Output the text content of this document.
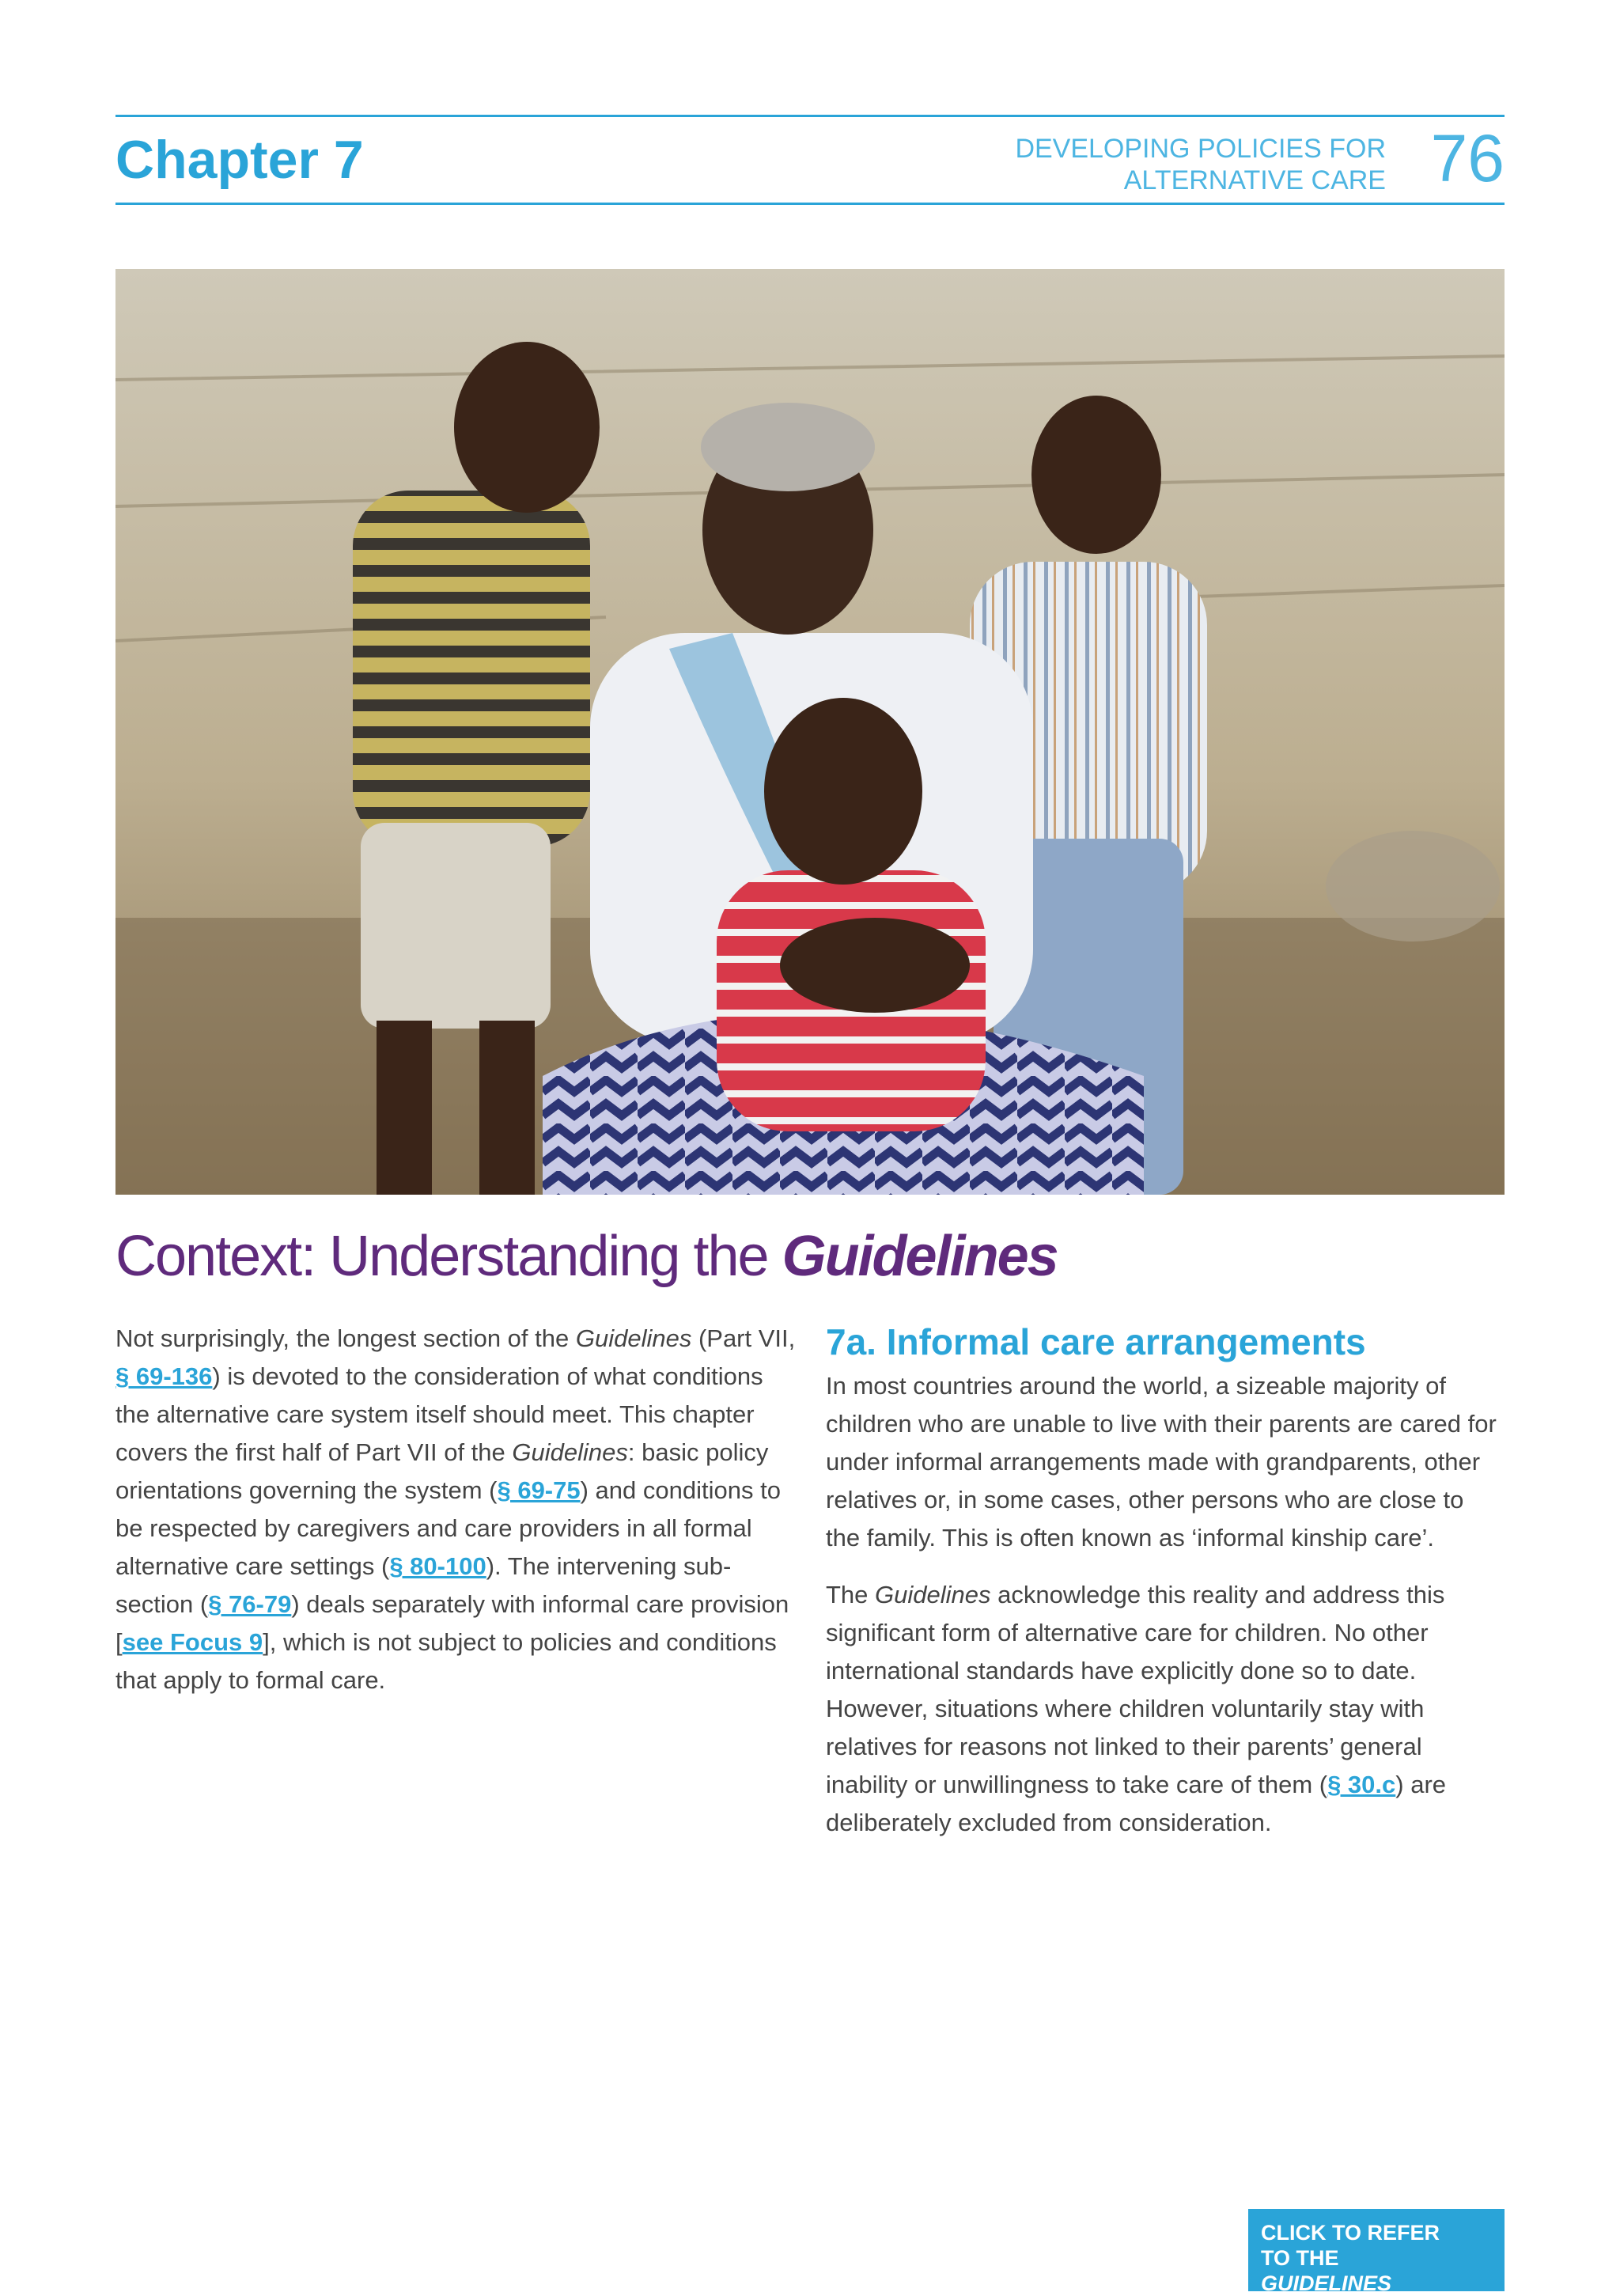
Chapter 7	DEVELOPING POLICIES FOR
ALTERNATIVE CARE 76
Context: Understanding the Guidelines

Not surprisingly, the longest section of the Guidelines (Part VII, § 69-136) is devoted to the consideration of what conditions the alternative care system itself should meet. This chapter covers the first half of Part VII of the Guidelines: basic policy orientations governing the system (§ 69-75) and conditions to be respected by caregivers and care providers in all formal alternative care settings (§ 80-100). The intervening sub-section (§ 76-79) deals separately with informal care provision [see Focus 9], which is not subject to policies and conditions that apply to formal care.

7a. Informal care arrangements

In most countries around the world, a sizeable majority of children who are unable to live with their parents are cared for under informal arrangements made with grandparents, other relatives or, in some cases, other persons who are close to the family. This is often known as ‘informal kinship care’.

The Guidelines acknowledge this reality and address this significant form of alternative care for children. No other international standards have explicitly done so to date. However, situations where children voluntarily stay with relatives for reasons not linked to their parents’ general inability or unwillingness to take care of them (§ 30.c) are deliberately excluded from consideration.

CLICK TO REFER
TO THE
GUIDELINES
